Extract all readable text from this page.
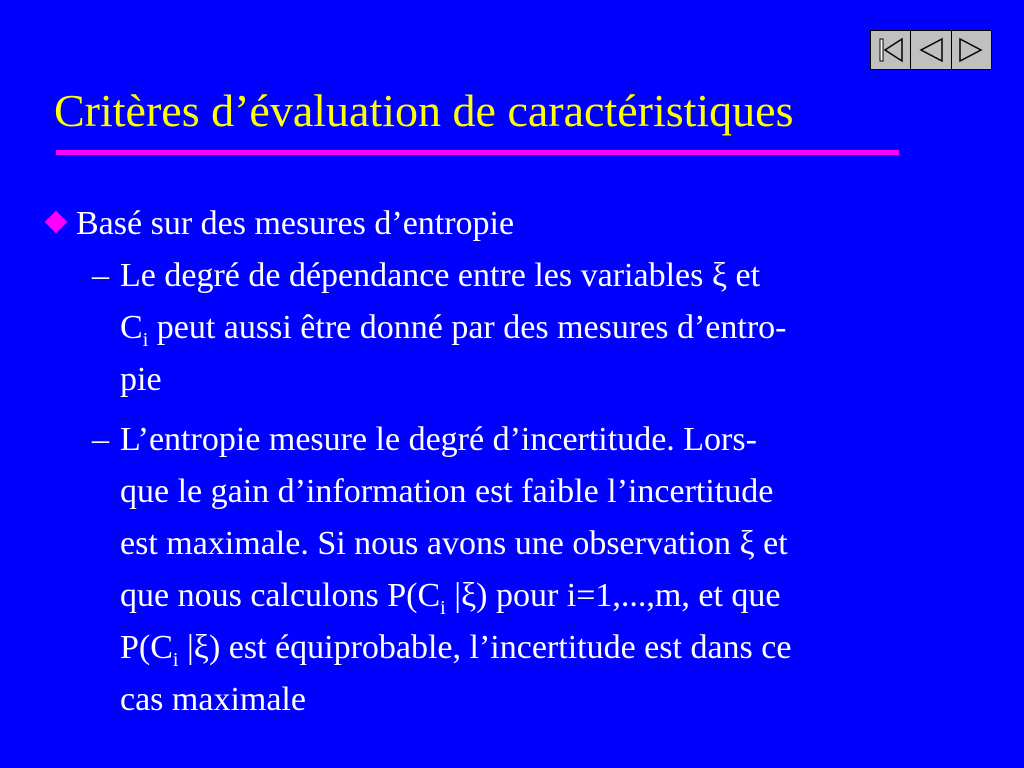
Critères d’évaluation de caractéristiques
Basé sur des mesures d’entropie
– Le degré de dépendance entre les variables ξ et
$C_i$ peut aussi être donné par des mesures d’entro-
pie
– L’entropie mesure le degré d’incertitude. Lors-
que le gain d’information est faible l’incertitude
est maximale. Si nous avons une observation ξ et
que nous calculons $P(C_i$ |ξ) pour i=1,...,m, et que
$P(C_i$ |ξ) est équiprobable, l’incertitude est dans ce
cas maximale
